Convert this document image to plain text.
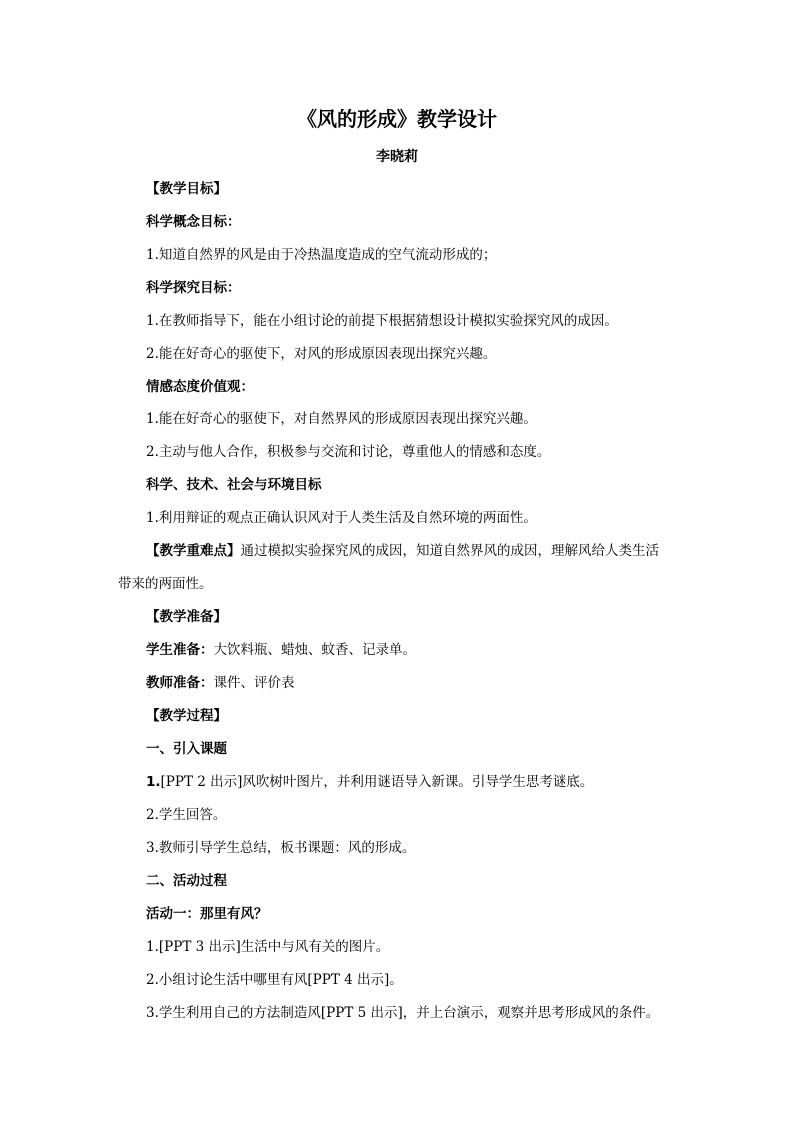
《风的形成》教学设计
李晓莉
【教学目标】
科学概念目标：
1.知道自然界的风是由于冷热温度造成的空气流动形成的；
科学探究目标：
1.在教师指导下，能在小组讨论的前提下根据猜想设计模拟实验探究风的成因。
2.能在好奇心的驱使下，对风的形成原因表现出探究兴趣。
情感态度价值观：
1.能在好奇心的驱使下，对自然界风的形成原因表现出探究兴趣。
2.主动与他人合作，积极参与交流和讨论，尊重他人的情感和态度。
科学、技术、社会与环境目标
1.利用辩证的观点正确认识风对于人类生活及自然环境的两面性。
【教学重难点】通过模拟实验探究风的成因，知道自然界风的成因，理解风给人类生活
带来的两面性。
【教学准备】
学生准备：大饮料瓶、蜡烛、蚊香、记录单。
教师准备：课件、评价表
【教学过程】
一、引入课题
1.[PPT 2 出示]风吹树叶图片，并利用谜语导入新课。引导学生思考谜底。
2.学生回答。
3.教师引导学生总结，板书课题：风的形成。
二、活动过程
活动一：那里有风？
1.[PPT 3 出示]生活中与风有关的图片。
2.小组讨论生活中哪里有风[PPT 4 出示]。
3.学生利用自己的方法制造风[PPT 5 出示]，并上台演示，观察并思考形成风的条件。
